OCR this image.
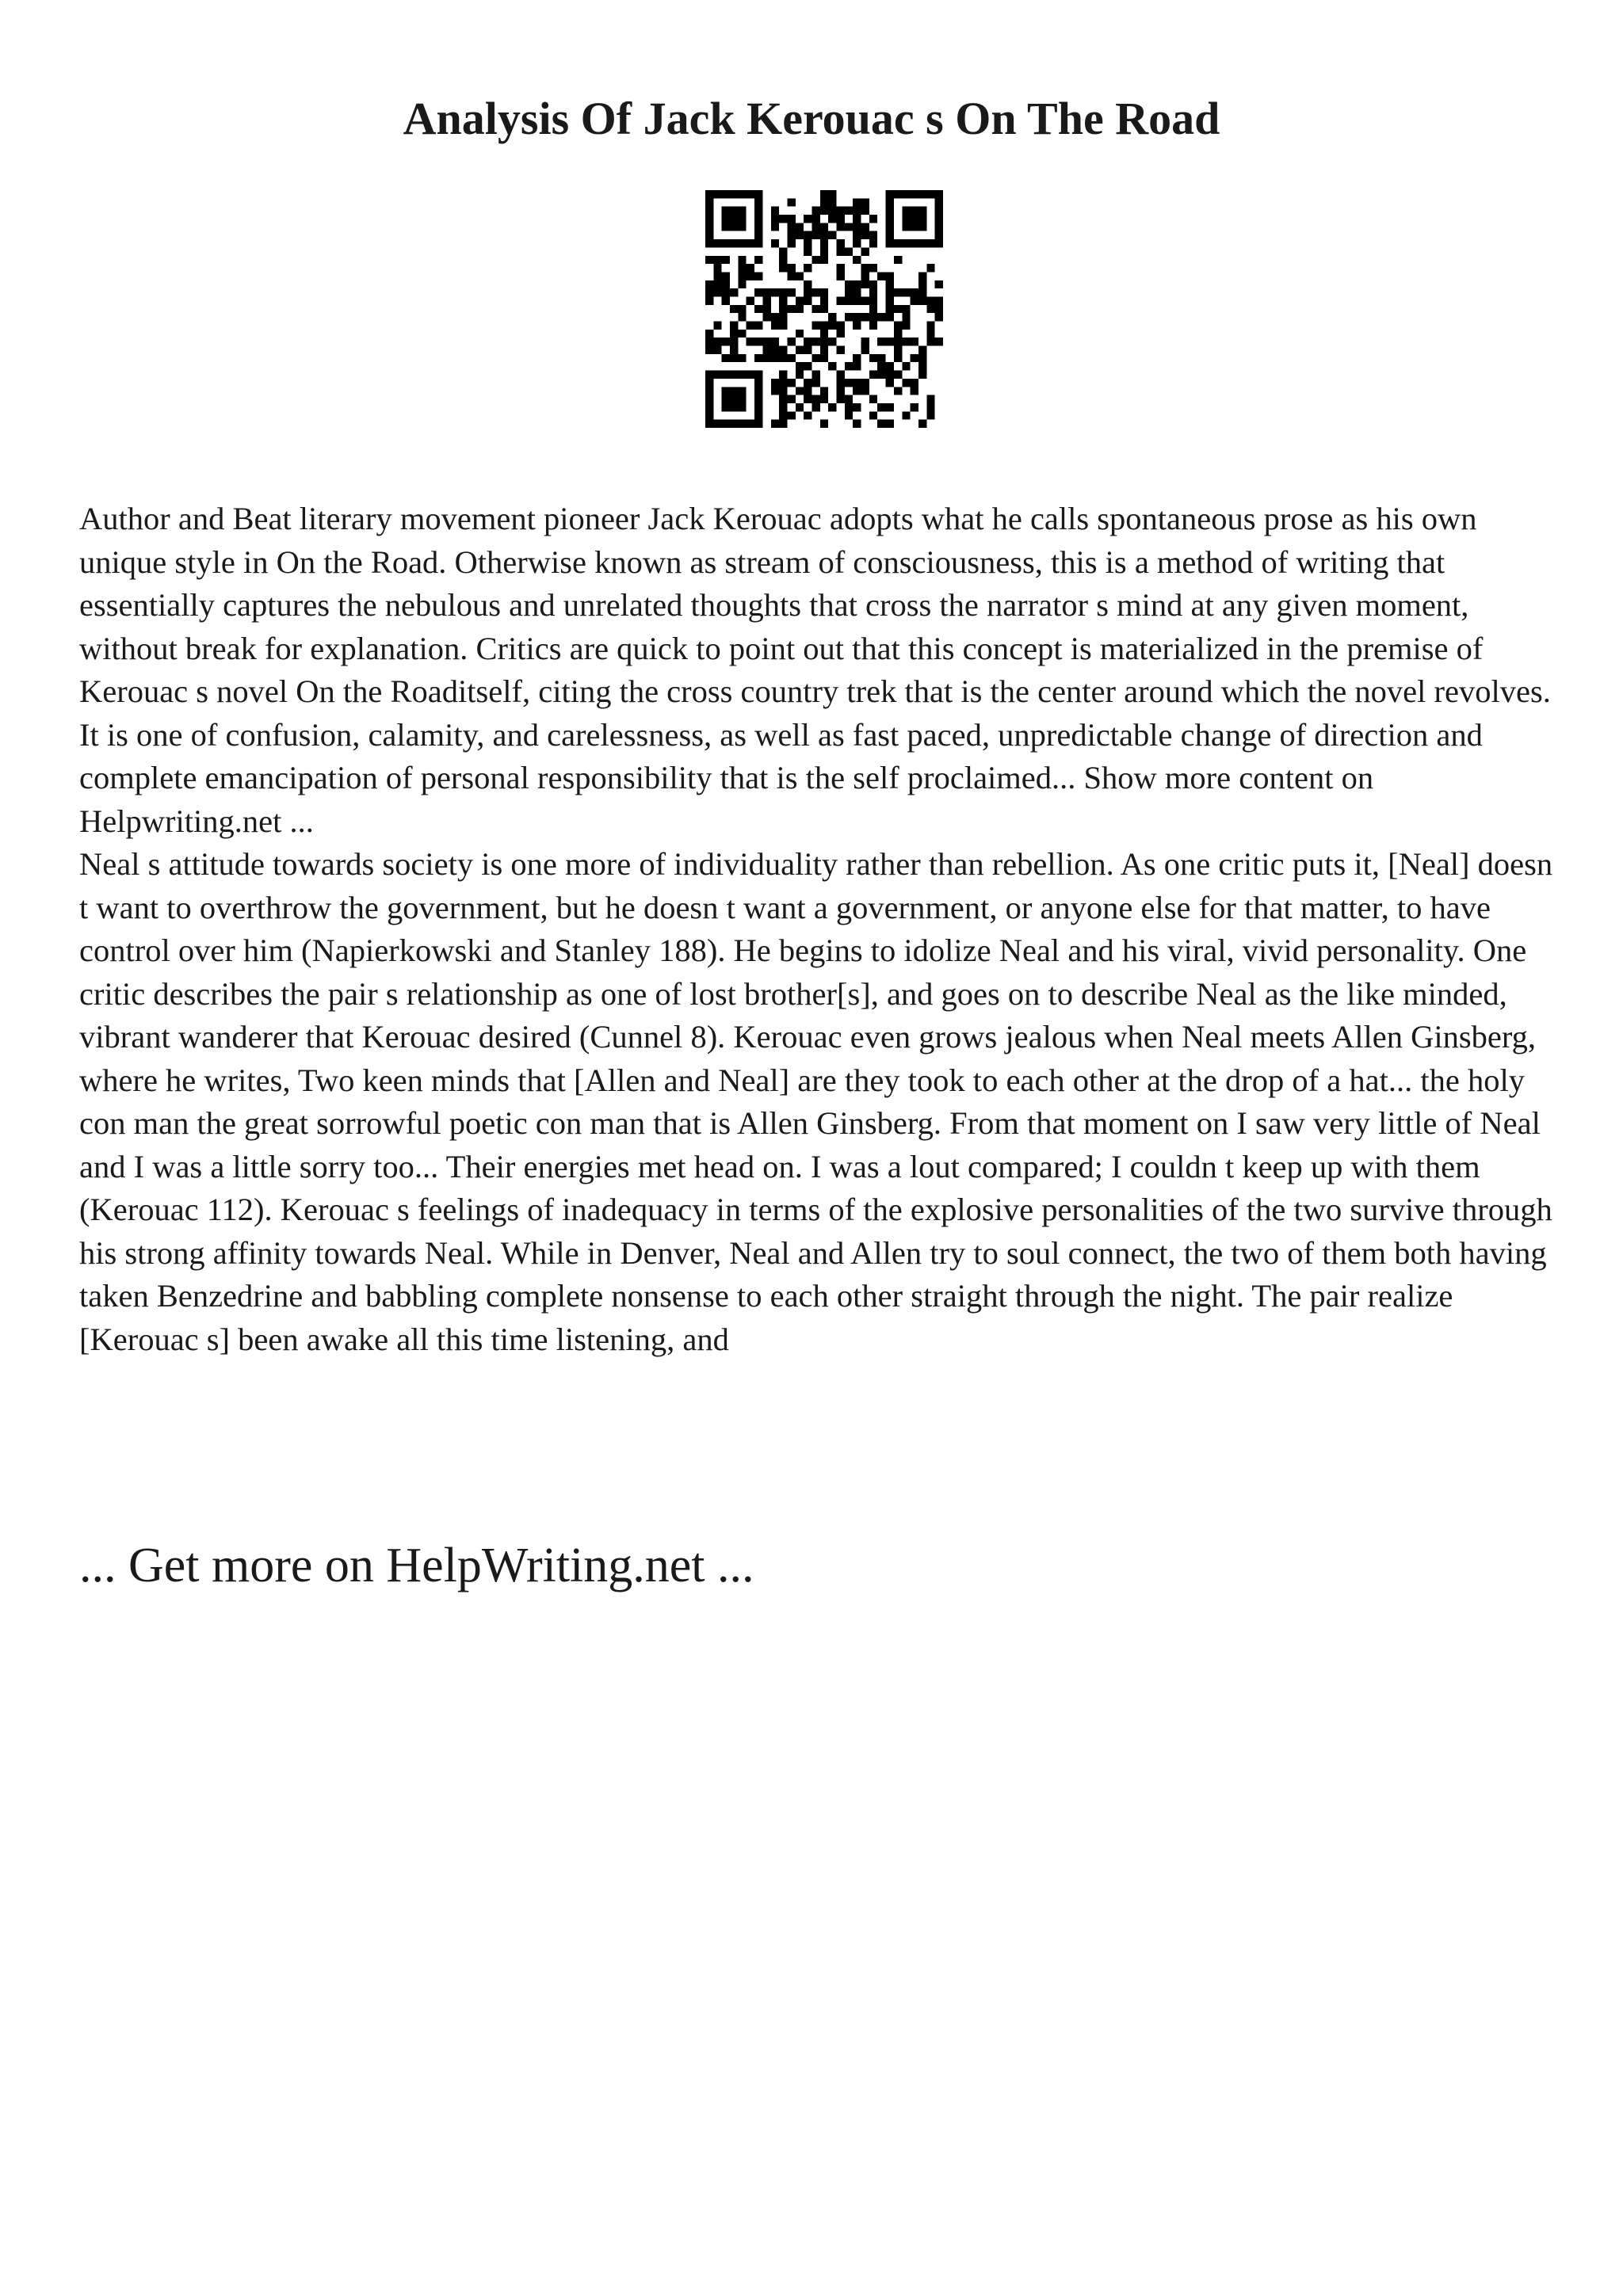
Analysis Of Jack Kerouac s On The Road

Author and Beat literary movement pioneer Jack Kerouac adopts what he calls spontaneous prose as his own unique style in On the Road. Otherwise known as stream of consciousness, this is a method of writing that essentially captures the nebulous and unrelated thoughts that cross the narrator s mind at any given moment, without break for explanation. Critics are quick to point out that this concept is materialized in the premise of Kerouac s novel On the Roaditself, citing the cross country trek that is the center around which the novel revolves. It is one of confusion, calamity, and carelessness, as well as fast paced, unpredictable change of direction and complete emancipation of personal responsibility that is the self proclaimed... Show more content on Helpwriting.net ...

Neal s attitude towards society is one more of individuality rather than rebellion. As one critic puts it, [Neal] doesn t want to overthrow the government, but he doesn t want a government, or anyone else for that matter, to have control over him (Napierkowski and Stanley 188). He begins to idolize Neal and his viral, vivid personality. One critic describes the pair s relationship as one of lost brother[s], and goes on to describe Neal as the like minded, vibrant wanderer that Kerouac desired (Cunnel 8). Kerouac even grows jealous when Neal meets Allen Ginsberg, where he writes, Two keen minds that [Allen and Neal] are they took to each other at the drop of a hat... the holy con man the great sorrowful poetic con man that is Allen Ginsberg. From that moment on I saw very little of Neal and I was a little sorry too... Their energies met head on. I was a lout compared; I couldn t keep up with them (Kerouac 112). Kerouac s feelings of inadequacy in terms of the explosive personalities of the two survive through his strong affinity towards Neal. While in Denver, Neal and Allen try to soul connect, the two of them both having taken Benzedrine and babbling complete nonsense to each other straight through the night. The pair realize [Kerouac s] been awake all this time listening, and

... Get more on HelpWriting.net ...
